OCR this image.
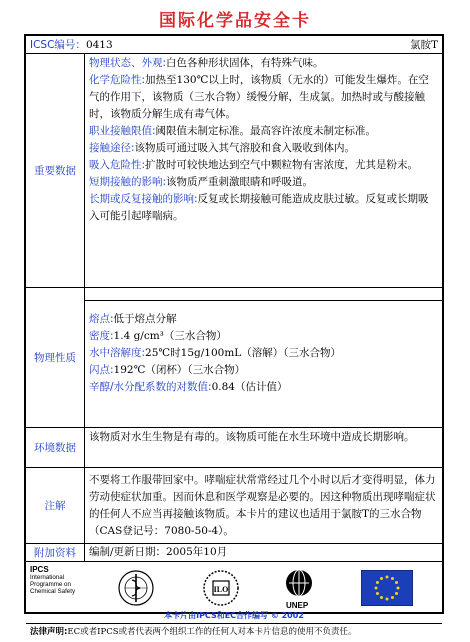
国际化学品安全卡
ICSC编号：0413	氯胺T
重要数据
物理状态、外观:白色各种形状固体，有特殊气味。
化学危险性:加热至130℃以上时，该物质（无水的）可能发生爆炸。在空气的作用下，该物质（三水合物）缓慢分解，生成氯。加热时或与酸接触时，该物质分解生成有毒气体。
职业接触限值:阈限值未制定标准。最高容许浓度未制定标准。
接触途径:该物质可通过吸入其气溶胶和食入吸收到体内。
吸入危险性:扩散时可较快地达到空气中颗粒物有害浓度，尤其是粉末。
短期接触的影响:该物质严重刺激眼睛和呼吸道。
长期或反复接触的影响:反复或长期接触可能造成皮肤过敏。反复或长期吸入可能引起哮喘病。
物理性质
熔点:低于熔点分解
密度:1.4 g/cm³（三水合物）
水中溶解度:25℃时15g/100mL（溶解）（三水合物）
闪点:192℃（闭杯）（三水合物）
辛醇/水分配系数的对数值:0.84（估计值）
环境数据
该物质对水生生物是有毒的。该物质可能在水生环境中造成长期影响。
注解
不要将工作服带回家中。哮喘症状常常经过几个小时以后才变得明显，体力劳动使症状加重。因而休息和医学观察是必要的。因这种物质出现哮喘症状的任何人不应当再接触该物质。本卡片的建议也适用于氯胺T的三水合物（CAS登记号：7080-50-4）。
附加资料	编制/更新日期：2005年10月
IPCS
International
Programme on
Chemical Safety	ILO
UNEP
本卡片由IPCS和EC合作编写 © 2002
法律声明:EC或者IPCS或者代表两个组织工作的任何人对本卡片信息的使用不负责任。
